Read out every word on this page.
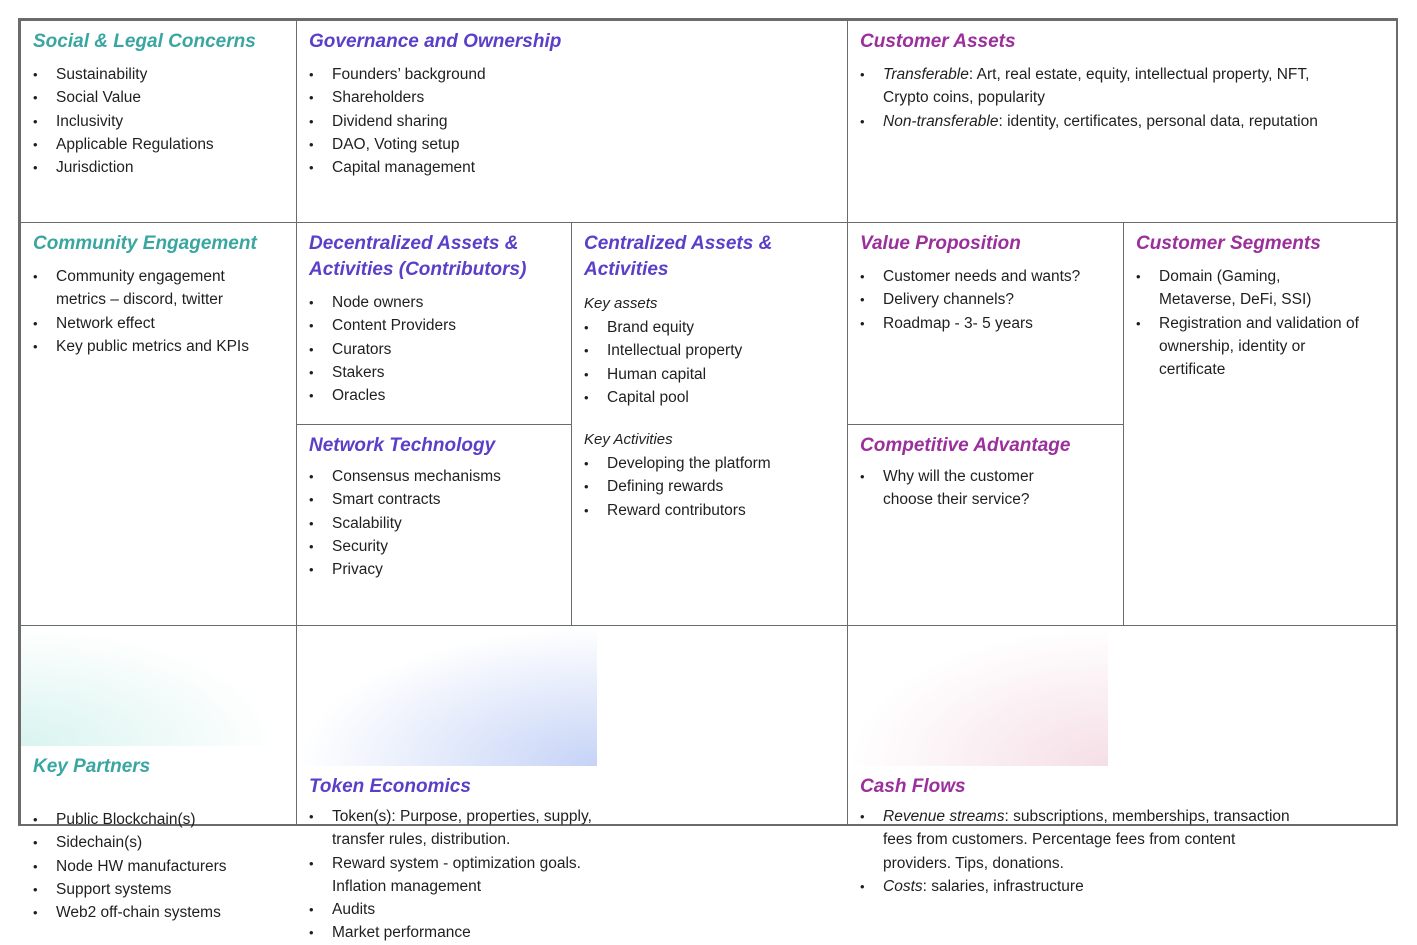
Social & Legal Concerns
• Sustainability
• Social Value
• Inclusivity
• Applicable Regulations
• Jurisdiction
Governance and Ownership
• Founders’ background
• Shareholders
• Dividend sharing
• DAO, Voting setup
• Capital management
Customer Assets
• Transferable: Art, real estate, equity, intellectual property, NFT, Crypto coins, popularity
• Non-transferable: identity, certificates, personal data, reputation
Community Engagement
• Community engagement metrics – discord, twitter
• Network effect
• Key public metrics and KPIs
Decentralized Assets & Activities (Contributors)
• Node owners
• Content Providers
• Curators
• Stakers
• Oracles
Network Technology
• Consensus mechanisms
• Smart contracts
• Scalability
• Security
• Privacy
Centralized Assets & Activities
Key assets
• Brand equity
• Intellectual property
• Human capital
• Capital pool
Key Activities
• Developing the platform
• Defining rewards
• Reward contributors
Value Proposition
• Customer needs and wants?
• Delivery channels?
• Roadmap - 3- 5 years
Competitive Advantage
• Why will the customer choose their service?
Customer Segments
• Domain (Gaming, Metaverse, DeFi, SSI)
• Registration and validation of ownership, identity or certificate
Key Partners
• Public Blockchain(s)
• Sidechain(s)
• Node HW manufacturers
• Support systems
• Web2 off-chain systems
Token Economics
• Token(s): Purpose, properties, supply, transfer rules, distribution.
• Reward system - optimization goals. Inflation management
• Audits
• Market performance
Cash Flows
• Revenue streams: subscriptions, memberships, transaction fees from customers. Percentage fees from content providers. Tips, donations.
• Costs: salaries, infrastructure
